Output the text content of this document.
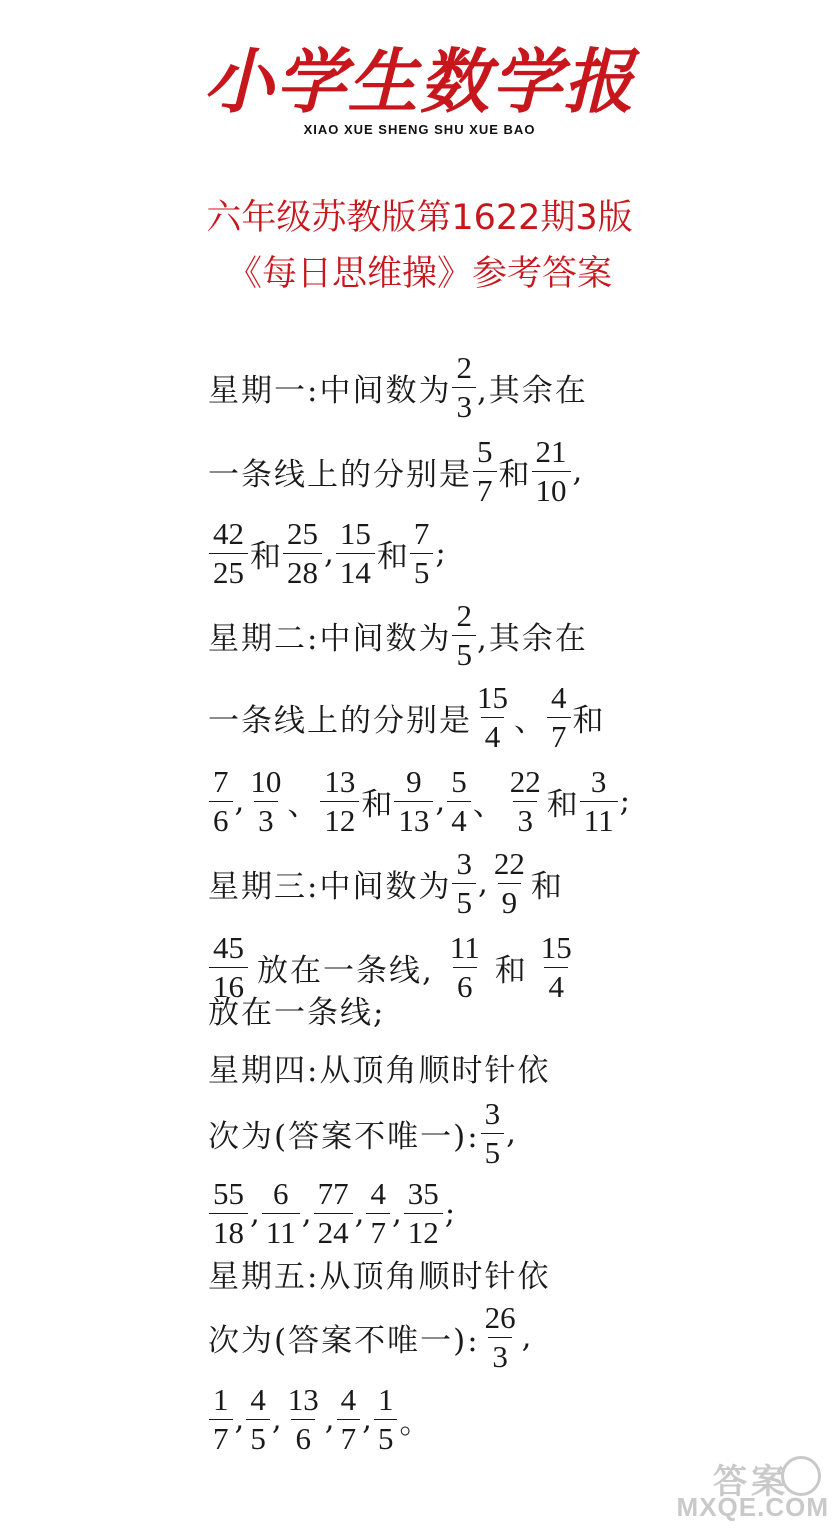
小学生数学报
XIAO XUE SHENG SHU XUE BAO
六年级苏教版第1622期3版
《每日思维操》参考答案
星期一:中间数为 $\frac{2}{3}$ ,其余在
一条线上的分别是 $\frac{5}{7}$ 和 $\frac{21}{10}$ ,
$\frac{42}{25}$ 和 $\frac{25}{28}$ , $\frac{15}{14}$ 和 $\frac{7}{5}$ ;
星期二:中间数为 $\frac{2}{5}$ ,其余在
一条线上的分别是 $\frac{15}{4}$ 、 $\frac{4}{7}$ 和
$\frac{7}{6}$ , $\frac{10}{3}$ 、 $\frac{13}{12}$ 和 $\frac{9}{13}$ , $\frac{5}{4}$ 、 $\frac{22}{3}$ 和 $\frac{3}{11}$ ;
星期三:中间数为 $\frac{3}{5}$ , $\frac{22}{9}$ 和
$\frac{45}{16}$ 放在一条线, $\frac{11}{6}$ 和 $\frac{15}{4}$
放在一条线;
星期四:从顶角顺时针依
次为(答案不唯一): $\frac{3}{5}$ ,
$\frac{55}{18}$ , $\frac{6}{11}$ , $\frac{77}{24}$ , $\frac{4}{7}$ , $\frac{35}{12}$ ;
星期五:从顶角顺时针依
次为(答案不唯一): $\frac{26}{3}$ ,
$\frac{1}{7}$ , $\frac{4}{5}$ , $\frac{13}{6}$ , $\frac{4}{7}$ , $\frac{1}{5}$ 。
答案
MXQE.COM
